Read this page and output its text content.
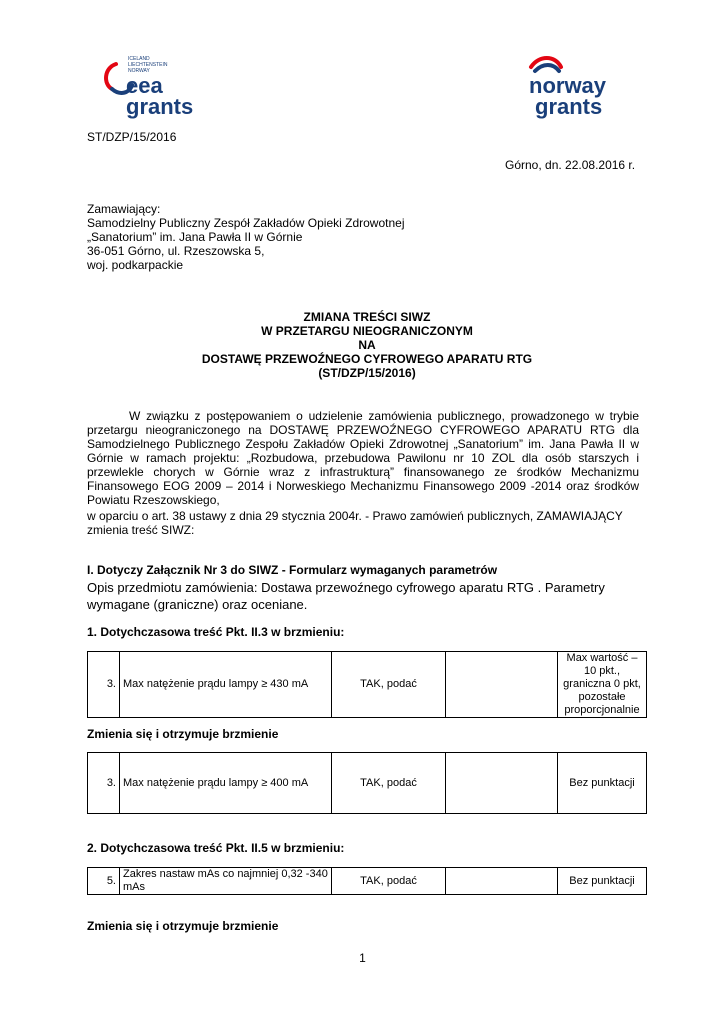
ICELAND
LIECHTENSTEIN
NORWAY
eea
grants
norway
grants
ST/DZP/15/2016
Górno, dn. 22.08.2016 r.
Zamawiający:
Samodzielny Publiczny Zespół Zakładów Opieki Zdrowotnej
„Sanatorium” im. Jana Pawła II w Górnie
36-051 Górno, ul. Rzeszowska 5,
woj. podkarpackie
ZMIANA TREŚCI SIWZ
W PRZETARGU NIEOGRANICZONYM
NA
DOSTAWĘ PRZEWOŹNEGO CYFROWEGO APARATU RTG
(ST/DZP/15/2016)
W związku z postępowaniem o udzielenie zamówienia publicznego, prowadzonego w trybie przetargu nieograniczonego na DOSTAWĘ PRZEWOŹNEGO CYFROWEGO APARATU RTG dla Samodzielnego Publicznego Zespołu Zakładów Opieki Zdrowotnej „Sanatorium” im. Jana Pawła II w Górnie w ramach projektu: „Rozbudowa, przebudowa Pawilonu nr 10 ZOL dla osób starszych i przewlekle chorych w Górnie wraz z infrastrukturą” finansowanego ze środków Mechanizmu Finansowego EOG 2009 – 2014 i Norweskiego Mechanizmu Finansowego 2009 -2014 oraz środków Powiatu Rzeszowskiego,
w oparciu o art. 38 ustawy z dnia 29 stycznia 2004r. - Prawo zamówień publicznych, ZAMAWIAJĄCY zmienia treść SIWZ:
I. Dotyczy Załącznik Nr 3 do SIWZ - Formularz wymaganych parametrów
Opis przedmiotu zamówienia: Dostawa przewoźnego cyfrowego aparatu RTG . Parametry wymagane (graniczne) oraz oceniane.
1. Dotychczasowa treść Pkt. II.3 w brzmieniu:
3.	Max natężenie prądu lampy ≥ 430 mA	TAK, podać		Max wartość – 10 pkt., graniczna 0 pkt, pozostałe proporcjonalnie
Zmienia się i otrzymuje brzmienie
3.	Max natężenie prądu lampy ≥ 400 mA	TAK, podać		Bez punktacji
2. Dotychczasowa treść Pkt. II.5 w brzmieniu:
5.	Zakres nastaw mAs co najmniej 0,32 -340 mAs	TAK, podać		Bez punktacji
Zmienia się i otrzymuje brzmienie
1
